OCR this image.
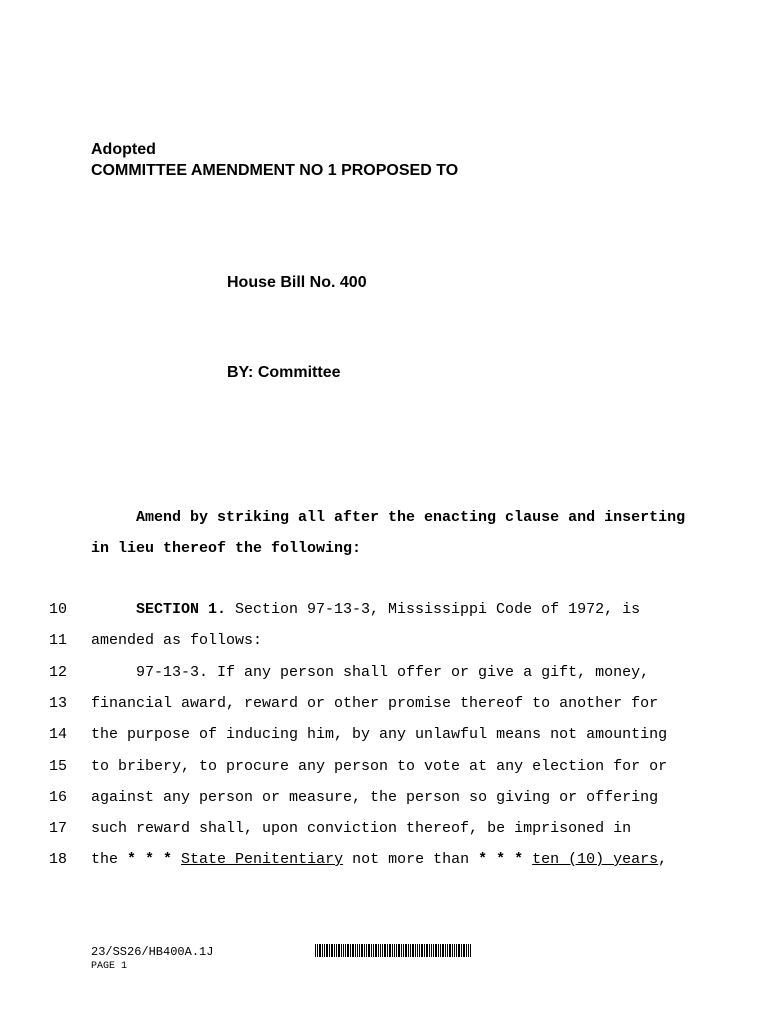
Adopted
COMMITTEE AMENDMENT NO 1 PROPOSED TO
House Bill No. 400
BY: Committee
Amend by striking all after the enacting clause and inserting
in lieu thereof the following:
10	SECTION 1. Section 97-13-3, Mississippi Code of 1972, is
11 amended as follows:
12	97-13-3. If any person shall offer or give a gift, money,
13 financial award, reward or other promise thereof to another for
14 the purpose of inducing him, by any unlawful means not amounting
15 to bribery, to procure any person to vote at any election for or
16 against any person or measure, the person so giving or offering
17 such reward shall, upon conviction thereof, be imprisoned in
18 the * * * State Penitentiary not more than * * * ten (10) years,
23/SS26/HB400A.1J
PAGE 1
